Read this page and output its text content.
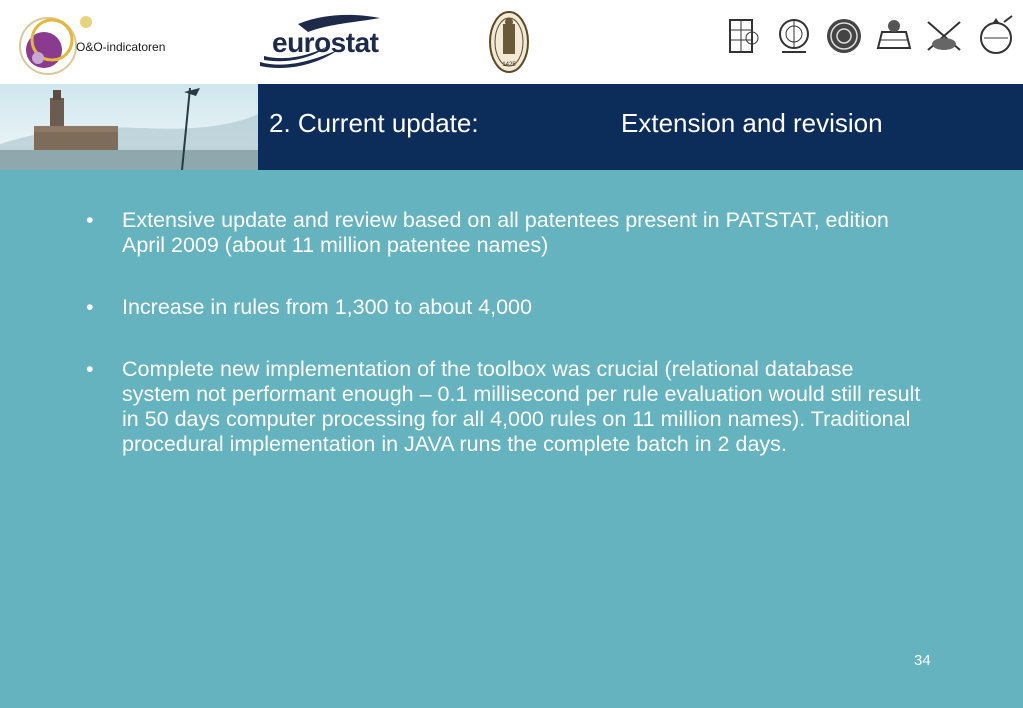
O&O-indicatoren	eurostat
1425
2. Current update:	Extension and revision
• Extensive update and review based on all patentees present in PATSTAT, edition April 2009 (about 11 million patentee names)
• Increase in rules from 1,300 to about 4,000
• Complete new implementation of the toolbox was crucial (relational database system not performant enough – 0.1 millisecond per rule evaluation would still result in 50 days computer processing for all 4,000 rules on 11 million names). Traditional procedural implementation in JAVA runs the complete batch in 2 days.
34
